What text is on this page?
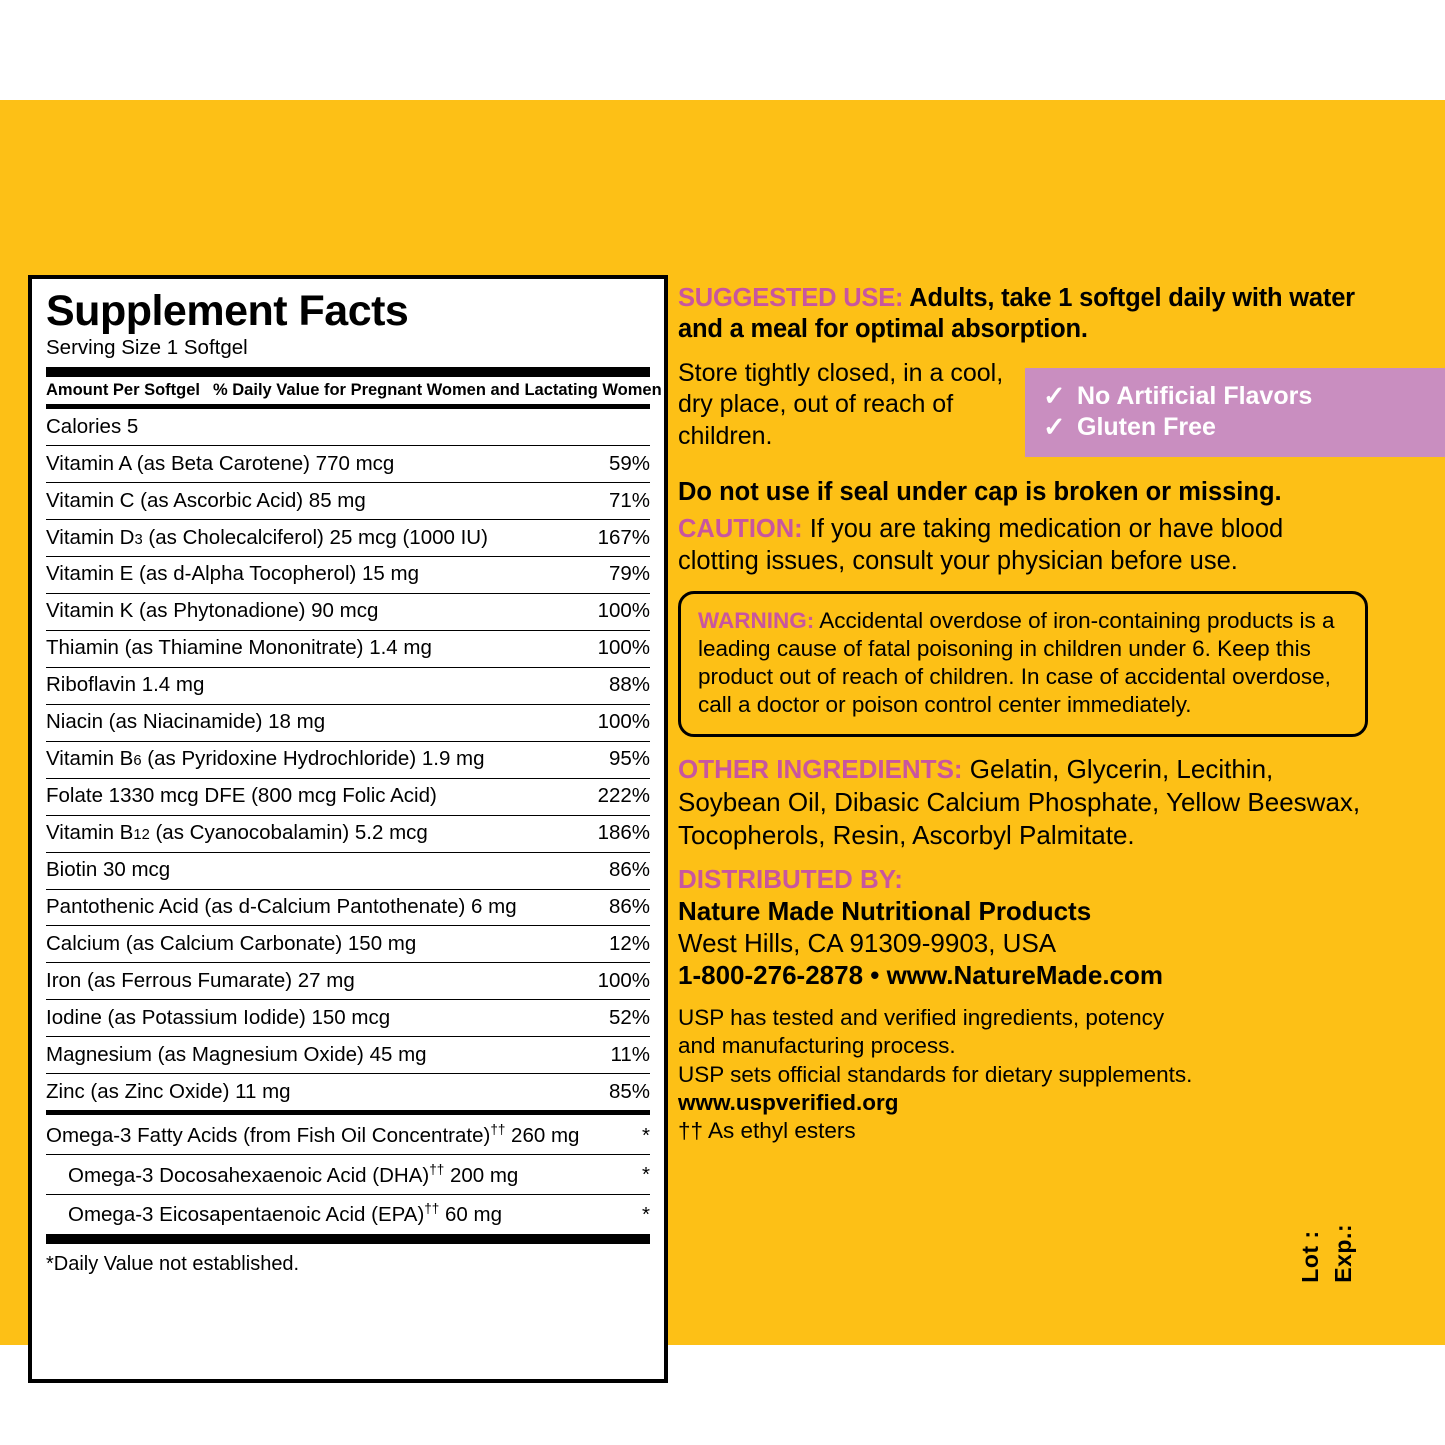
Supplement Facts
Serving Size 1 Softgel
Amount Per Softgel % Daily Value for Pregnant Women and Lactating Women
Calories 5
Vitamin A (as Beta Carotene) 770 mcg	59%
Vitamin C (as Ascorbic Acid) 85 mg	71%
Vitamin D3 (as Cholecalciferol) 25 mcg (1000 IU)	167%
Vitamin E (as d-Alpha Tocopherol) 15 mg	79%
Vitamin K (as Phytonadione) 90 mcg	100%
Thiamin (as Thiamine Mononitrate) 1.4 mg	100%
Riboflavin 1.4 mg	88%
Niacin (as Niacinamide) 18 mg	100%
Vitamin B6 (as Pyridoxine Hydrochloride) 1.9 mg	95%
Folate 1330 mcg DFE (800 mcg Folic Acid)	222%
Vitamin B12 (as Cyanocobalamin) 5.2 mcg	186%
Biotin 30 mcg	86%
Pantothenic Acid (as d-Calcium Pantothenate) 6 mg	86%
Calcium (as Calcium Carbonate) 150 mg	12%
Iron (as Ferrous Fumarate) 27 mg	100%
Iodine (as Potassium Iodide) 150 mcg	52%
Magnesium (as Magnesium Oxide) 45 mg	11%
Zinc (as Zinc Oxide) 11 mg	85%
Omega-3 Fatty Acids (from Fish Oil Concentrate)†† 260 mg	*
Omega-3 Docosahexaenoic Acid (DHA)†† 200 mg	*
Omega-3 Eicosapentaenoic Acid (EPA)†† 60 mg	*
*Daily Value not established.
SUGGESTED USE: Adults, take 1 softgel daily with water and a meal for optimal absorption.
Store tightly closed, in a cool, dry place, out of reach of children.
✓ No Artificial Flavors
✓ Gluten Free
Do not use if seal under cap is broken or missing.
CAUTION: If you are taking medication or have blood clotting issues, consult your physician before use.
WARNING: Accidental overdose of iron-containing products is a leading cause of fatal poisoning in children under 6. Keep this product out of reach of children. In case of accidental overdose, call a doctor or poison control center immediately.
OTHER INGREDIENTS: Gelatin, Glycerin, Lecithin, Soybean Oil, Dibasic Calcium Phosphate, Yellow Beeswax, Tocopherols, Resin, Ascorbyl Palmitate.
DISTRIBUTED BY:
Nature Made Nutritional Products
West Hills, CA 91309-9903, USA
1-800-276-2878 • www.NatureMade.com
USP has tested and verified ingredients, potency
and manufacturing process.
USP sets official standards for dietary supplements.
www.uspverified.org
†† As ethyl esters
Lot : Exp.:
